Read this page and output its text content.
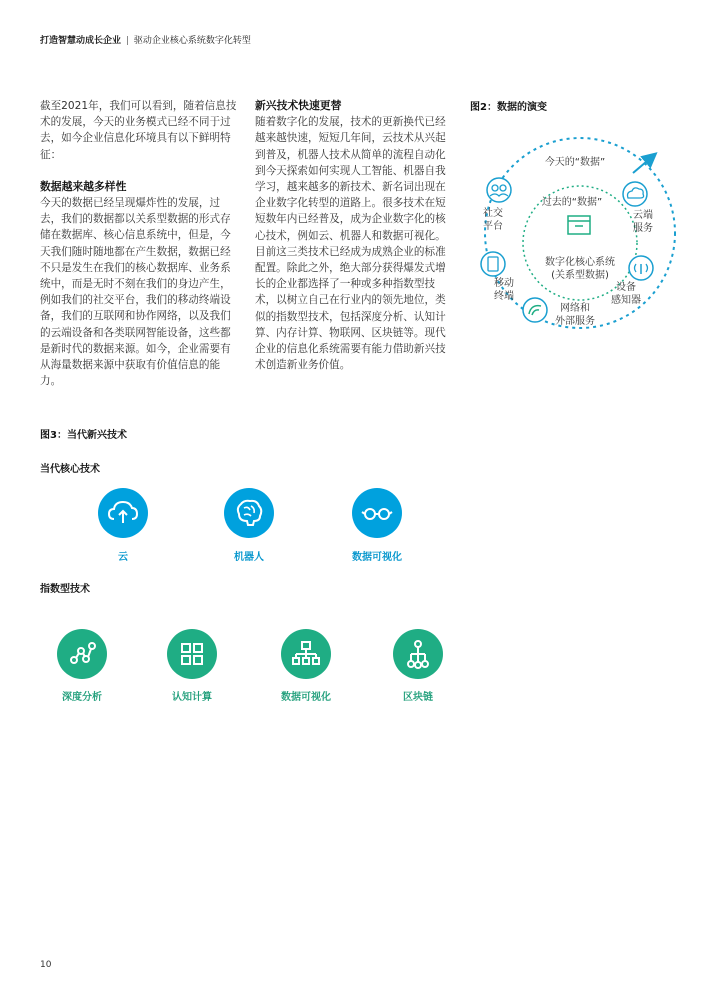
打造智慧动成长企业 | 驱动企业核心系统数字化转型

截至2021年，我们可以看到，随着信息技术的发展，今天的业务模式已经不同于过去，如今企业信息化环境具有以下鲜明特征：

数据越来越多样性

今天的数据已经呈现爆炸性的发展，过去，我们的数据都以关系型数据的形式存储在数据库、核心信息系统中，但是，今天我们随时随地都在产生数据，数据已经不只是发生在我们的核心数据库、业务系统中，而是无时不刻在我们的身边产生，例如我们的社交平台，我们的移动终端设备，我们的互联网和协作网络，以及我们的云端设备和各类联网智能设备，这些都是新时代的数据来源。如今，企业需要有从海量数据来源中获取有价值信息的能力。

新兴技术快速更替

随着数字化的发展，技术的更新换代已经越来越快速，短短几年间，云技术从兴起到普及，机器人技术从简单的流程自动化到今天探索如何实现人工智能、机器自我学习，越来越多的新技术、新名词出现在企业数字化转型的道路上。很多技术在短短数年内已经普及，成为企业数字化的核心技术，例如云、机器人和数据可视化。目前这三类技术已经成为成熟企业的标准配置。除此之外，绝大部分获得爆发式增长的企业都选择了一种或多种指数型技术，以树立自己在行业内的领先地位，类似的指数型技术，包括深度分析、认知计算、内存计算、物联网、区块链等。现代企业的信息化系统需要有能力借助新兴技术创造新业务价值。

图2：数据的演变
今天的“数据”
过去的“数据”
数字化核心系统
(关系型数据)
社交
平台
云端
服务
移动
终端
设备
感知器
网络和
外部服务
图3：当代新兴技术
当代核心技术
云	机器人	数据可视化
指数型技术
深度分析	认知计算	数据可视化	区块链
10
